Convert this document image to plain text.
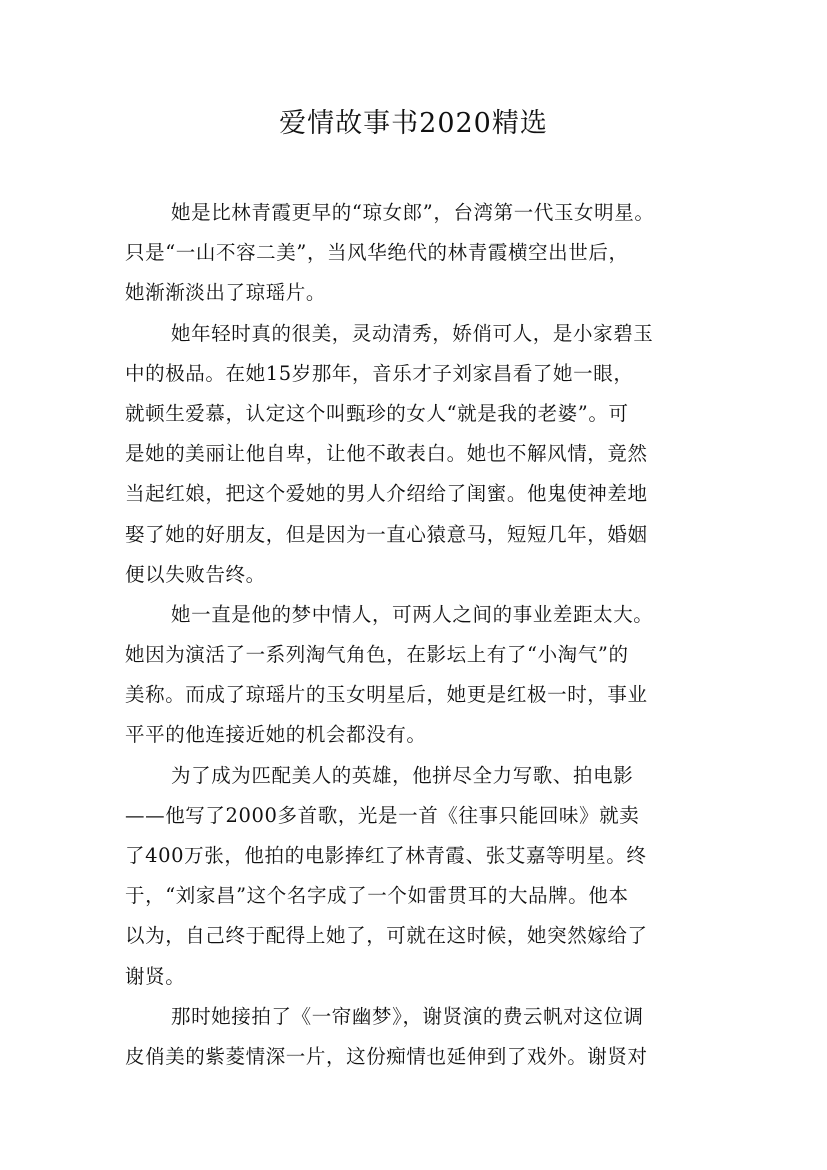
爱情故事书2020精选
她是比林青霞更早的“琼女郎”，台湾第一代玉女明星。
只是“一山不容二美”，当风华绝代的林青霞横空出世后，
她渐渐淡出了琼瑶片。
她年轻时真的很美，灵动清秀，娇俏可人，是小家碧玉
中的极品。在她15岁那年，音乐才子刘家昌看了她一眼，
就顿生爱慕，认定这个叫甄珍的女人“就是我的老婆”。可
是她的美丽让他自卑，让他不敢表白。她也不解风情，竟然
当起红娘，把这个爱她的男人介绍给了闺蜜。他鬼使神差地
娶了她的好朋友，但是因为一直心猿意马，短短几年，婚姻
便以失败告终。
她一直是他的梦中情人，可两人之间的事业差距太大。
她因为演活了一系列淘气角色，在影坛上有了“小淘气”的
美称。而成了琼瑶片的玉女明星后，她更是红极一时，事业
平平的他连接近她的机会都没有。
为了成为匹配美人的英雄，他拼尽全力写歌、拍电影
——他写了2000多首歌，光是一首《往事只能回味》就卖
了400万张，他拍的电影捧红了林青霞、张艾嘉等明星。终
于，“刘家昌”这个名字成了一个如雷贯耳的大品牌。他本
以为，自己终于配得上她了，可就在这时候，她突然嫁给了
谢贤。
那时她接拍了《一帘幽梦》，谢贤演的费云帆对这位调
皮俏美的紫菱情深一片，这份痴情也延伸到了戏外。谢贤对
